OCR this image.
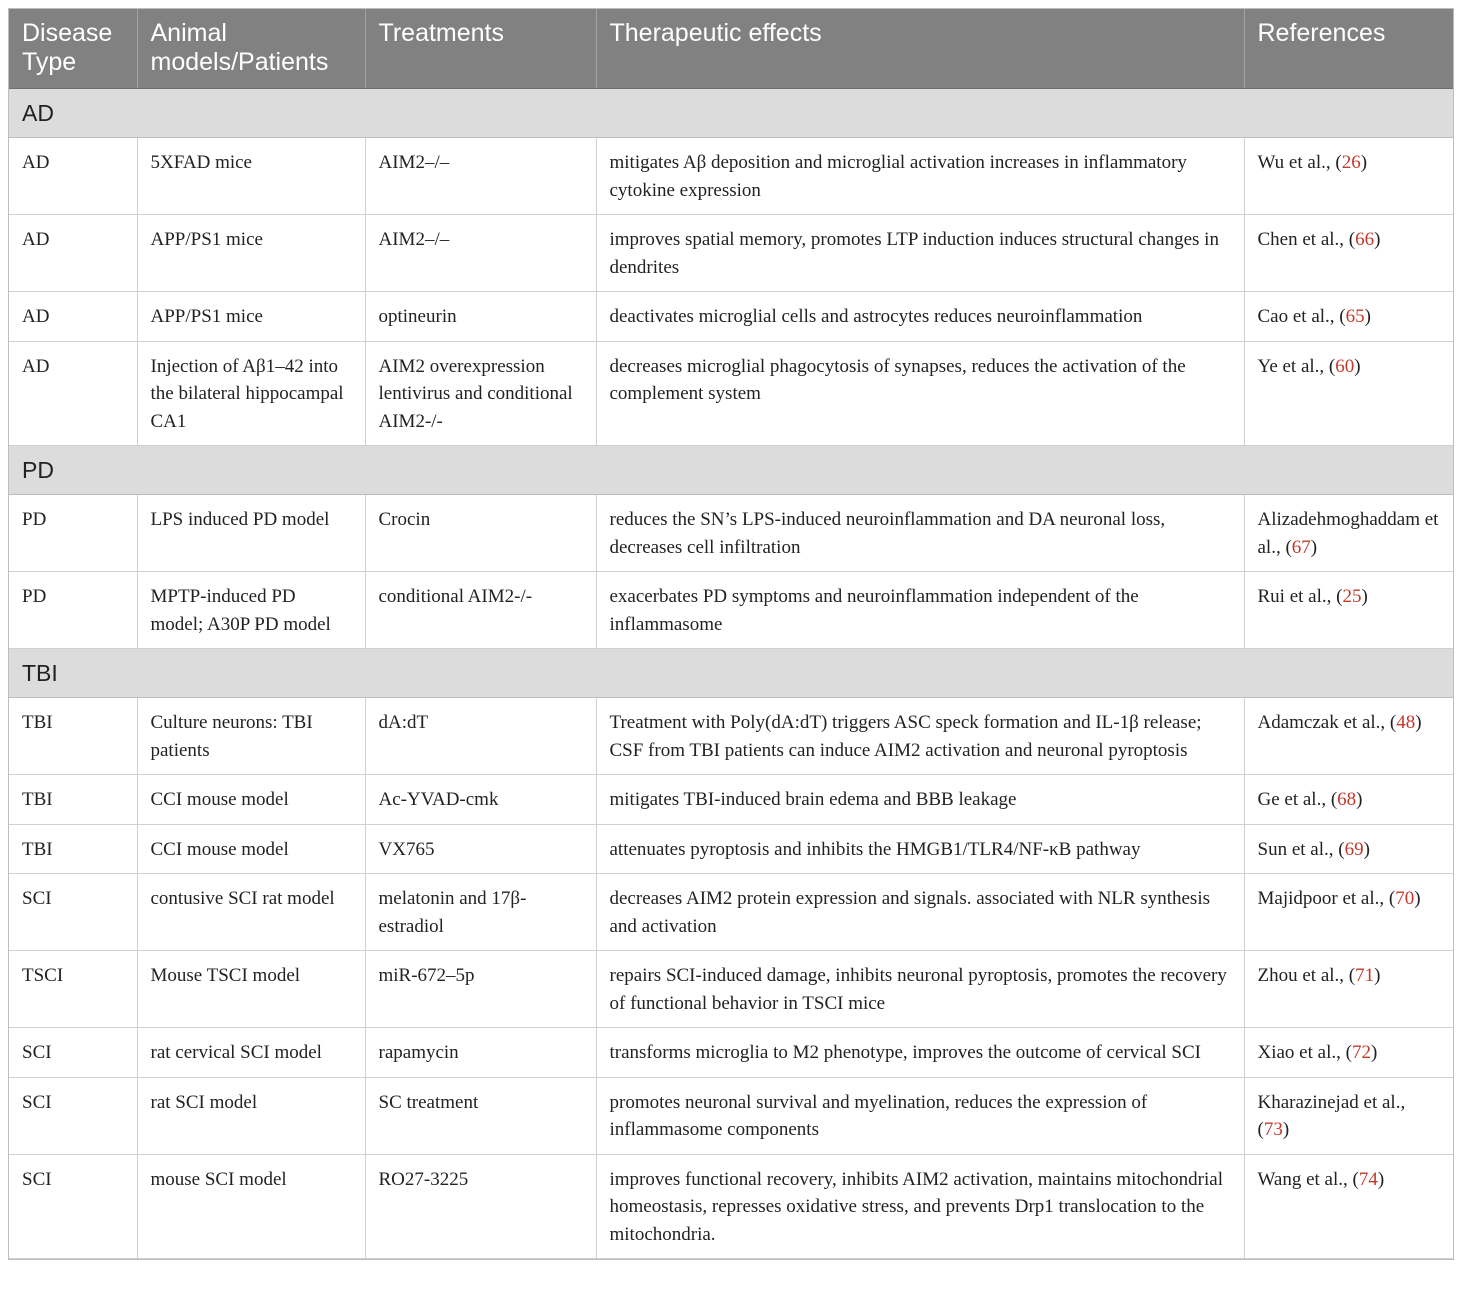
Disease
Type	Animal models/Patients	Treatments	Therapeutic effects	References
AD				
AD	5XFAD mice	AIM2–/–	mitigates Aβ deposition and microglial activation increases in inflammatory cytokine expression	Wu et al., (26)
AD	APP/PS1 mice	AIM2–/–	improves spatial memory, promotes LTP induction induces structural changes in dendrites	Chen et al., (66)
AD	APP/PS1 mice	optineurin	deactivates microglial cells and astrocytes reduces neuroinflammation	Cao et al., (65)
AD	Injection of Aβ1–42 into the bilateral hippocampal CA1	AIM2 overexpression lentivirus and conditional AIM2-/-	decreases microglial phagocytosis of synapses, reduces the activation of the complement system	Ye et al., (60)
PD				
PD	LPS induced PD model	Crocin	reduces the SN’s LPS-induced neuroinflammation and DA neuronal loss, decreases cell infiltration	Alizadehmoghaddam et al., (67)
PD	MPTP-induced PD model; A30P PD model	conditional AIM2-/-	exacerbates PD symptoms and neuroinflammation independent of the inflammasome	Rui et al., (25)
TBI				
TBI	Culture neurons: TBI patients	dA:dT	Treatment with Poly(dA:dT) triggers ASC speck formation and IL-1β release; CSF from TBI patients can induce AIM2 activation and neuronal pyroptosis	Adamczak et al., (48)
TBI	CCI mouse model	Ac-YVAD-cmk	mitigates TBI-induced brain edema and BBB leakage	Ge et al., (68)
TBI	CCI mouse model	VX765	attenuates pyroptosis and inhibits the HMGB1/TLR4/NF-κB pathway	Sun et al., (69)
SCI	contusive SCI rat model	melatonin and 17β-estradiol	decreases AIM2 protein expression and signals. associated with NLR synthesis and activation	Majidpoor et al., (70)
TSCI	Mouse TSCI model	miR-672–5p	repairs SCI-induced damage, inhibits neuronal pyroptosis, promotes the recovery of functional behavior in TSCI mice	Zhou et al., (71)
SCI	rat cervical SCI model	rapamycin	transforms microglia to M2 phenotype, improves the outcome of cervical SCI	Xiao et al., (72)
SCI	rat SCI model	SC treatment	promotes neuronal survival and myelination, reduces the expression of inflammasome components	Kharazinejad et al., (73)
SCI	mouse SCI model	RO27-3225	improves functional recovery, inhibits AIM2 activation, maintains mitochondrial homeostasis, represses oxidative stress, and prevents Drp1 translocation to the mitochondria.	Wang et al., (74)
